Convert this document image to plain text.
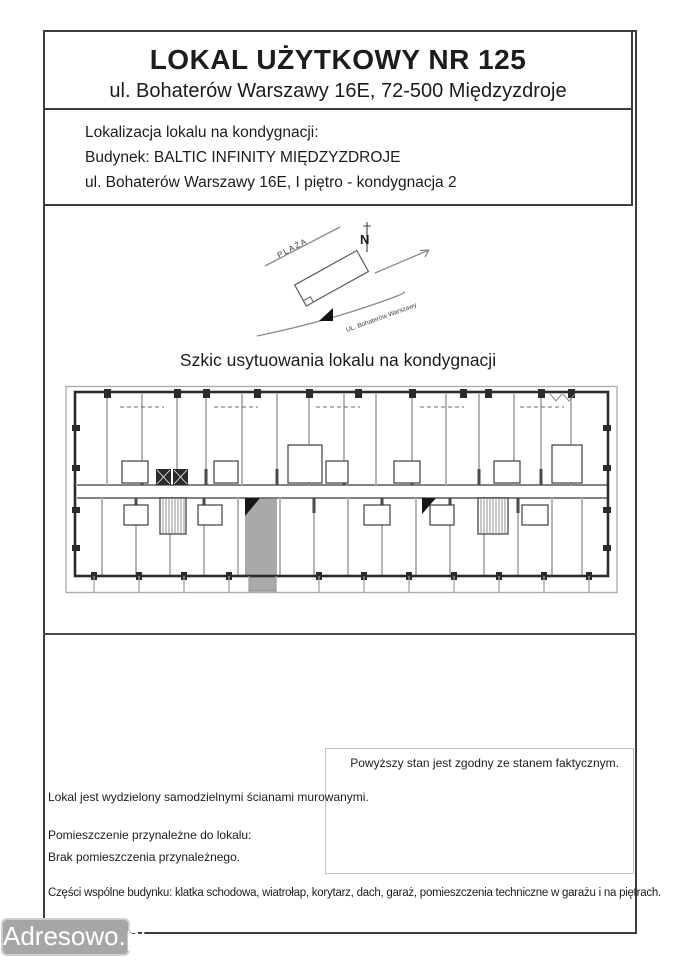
LOKAL UŻYTKOWY NR 125
ul. Bohaterów Warszawy 16E, 72-500 Międzyzdroje
Lokalizacja lokalu na kondygnacji:
Budynek: BALTIC INFINITY MIĘDZYZDROJE
ul. Bohaterów Warszawy 16E, I piętro - kondygnacja 2
PLAŻA	N
UL. Bohaterów Warszawy
Szkic usytuowania lokalu na kondygnacji
Powyższy stan jest zgodny ze stanem faktycznym.
Lokal jest wydzielony samodzielnymi ścianami murowanymi.
Pomieszczenie przynależne do lokalu:
Brak pomieszczenia przynależnego.
Części wspólne budynku: klatka schodowa, wiatrołap, korytarz, dach, garaż, pomieszczenia techniczne w garażu i na piętrach.
Adresowo.pl
